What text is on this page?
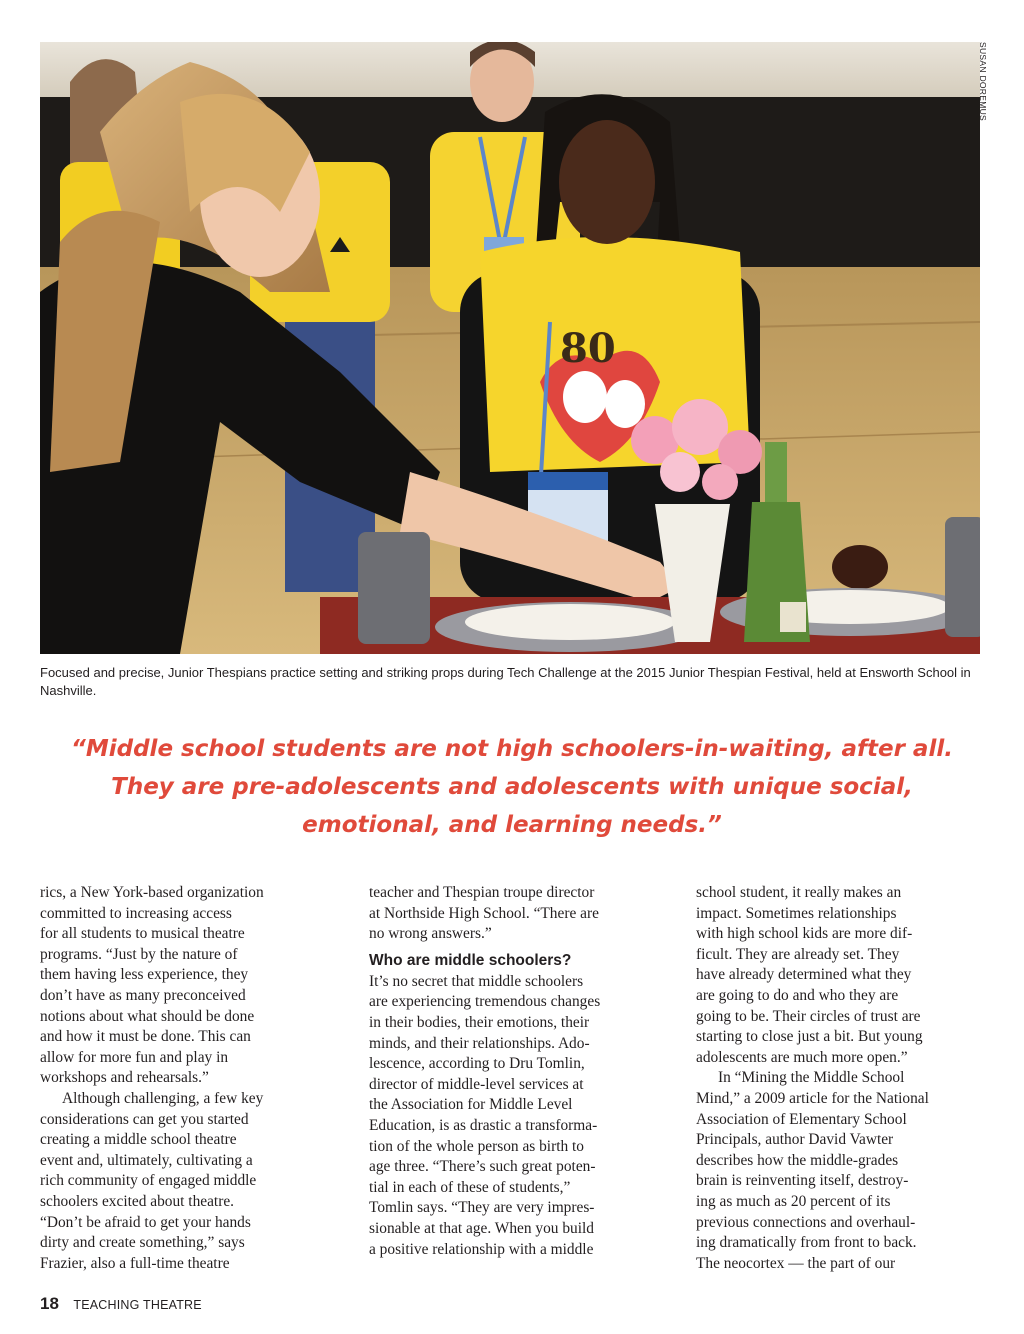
80
SUSAN DOREMUS
Focused and precise, Junior Thespians practice setting and striking props during Tech Challenge at the 2015 Junior Thespian Festival, held at Ensworth School in Nashville.
“Middle school students are not high schoolers-in-waiting, after all.
They are pre-adolescents and adolescents with unique social,
emotional, and learning needs.”
rics, a New York-based organization
committed to increasing access
for all students to musical theatre
programs. “Just by the nature of
them having less experience, they
don’t have as many preconceived
notions about what should be done
and how it must be done. This can
allow for more fun and play in
workshops and rehearsals.”
Although challenging, a few key
considerations can get you started
creating a middle school theatre
event and, ultimately, cultivating a
rich community of engaged middle
schoolers excited about theatre.
“Don’t be afraid to get your hands
dirty and create something,” says
Frazier, also a full-time theatre
teacher and Thespian troupe director
at Northside High School. “There are
no wrong answers.”
Who are middle schoolers?
It’s no secret that middle schoolers
are experiencing tremendous changes
in their bodies, their emotions, their
minds, and their relationships. Ado-
lescence, according to Dru Tomlin,
director of middle-level services at
the Association for Middle Level
Education, is as drastic a transforma-
tion of the whole person as birth to
age three. “There’s such great poten-
tial in each of these of students,”
Tomlin says. “They are very impres-
sionable at that age. When you build
a positive relationship with a middle
school student, it really makes an
impact. Sometimes relationships
with high school kids are more dif-
ficult. They are already set. They
have already determined what they
are going to do and who they are
going to be. Their circles of trust are
starting to close just a bit. But young
adolescents are much more open.”
In “Mining the Middle School
Mind,” a 2009 article for the National
Association of Elementary School
Principals, author David Vawter
describes how the middle-grades
brain is reinventing itself, destroy-
ing as much as 20 percent of its
previous connections and overhaul-
ing dramatically from front to back.
The neocortex — the part of our
18 TEACHING THEATRE
